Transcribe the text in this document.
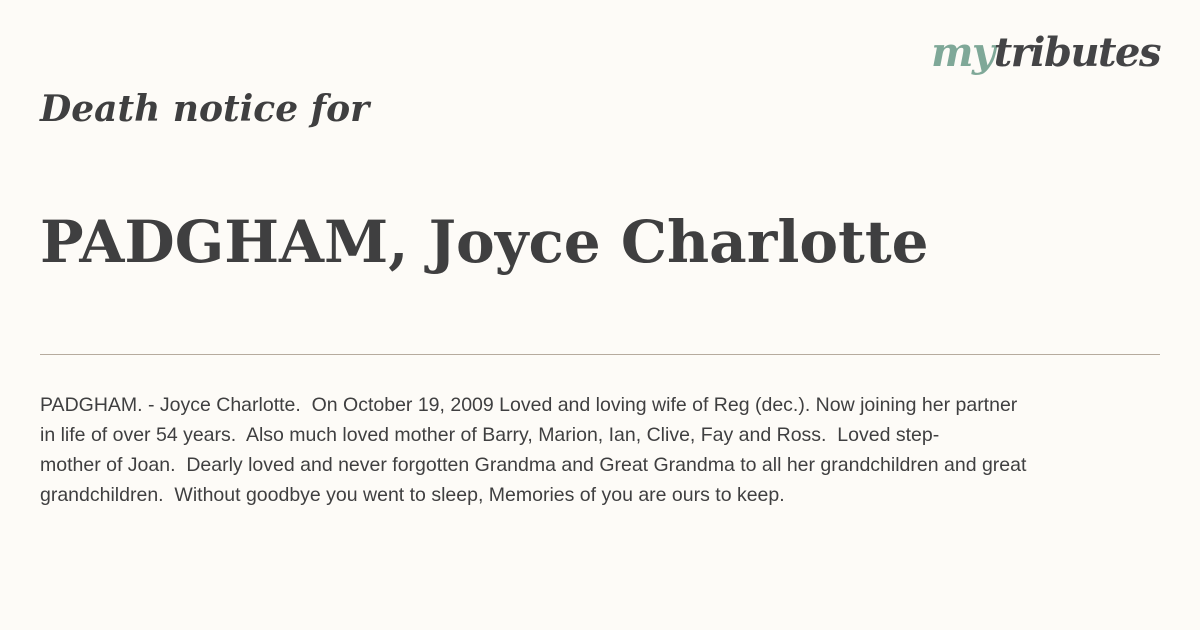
mytributes
Death notice for
PADGHAM, Joyce Charlotte

PADGHAM. - Joyce Charlotte.  On October 19, 2009 Loved and loving wife of Reg (dec.). Now joining her partner
in life of over 54 years.  Also much loved mother of Barry, Marion, Ian, Clive, Fay and Ross.  Loved step-
mother of Joan.  Dearly loved and never forgotten Grandma and Great Grandma to all her grandchildren and great
grandchildren.  Without goodbye you went to sleep, Memories of you are ours to keep.
